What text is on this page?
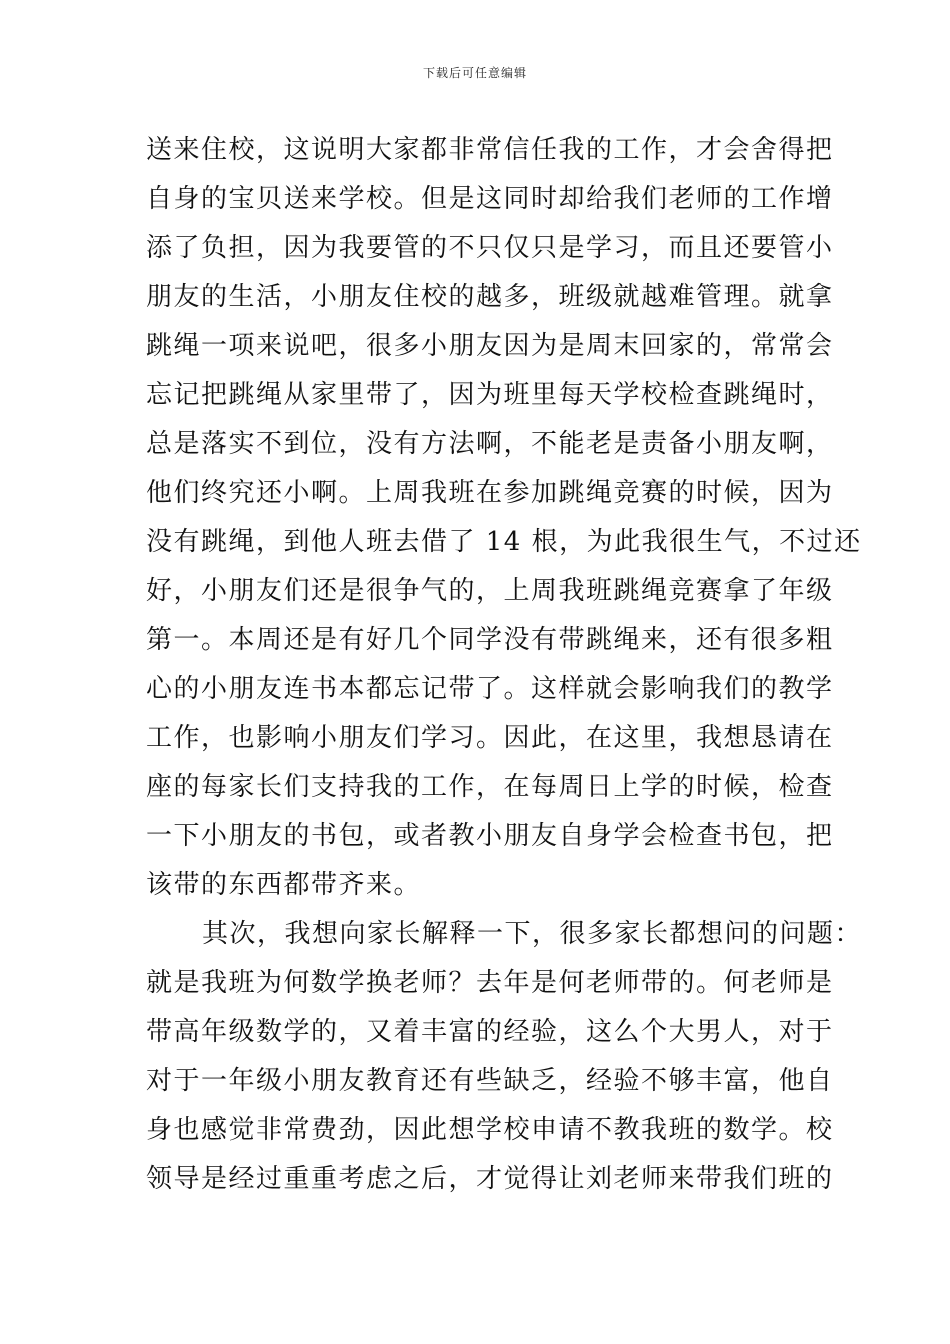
下载后可任意编辑
送来住校，这说明大家都非常信任我的工作，才会舍得把
自身的宝贝送来学校。但是这同时却给我们老师的工作增
添了负担，因为我要管的不只仅只是学习，而且还要管小
朋友的生活，小朋友住校的越多，班级就越难管理。就拿
跳绳一项来说吧，很多小朋友因为是周末回家的，常常会
忘记把跳绳从家里带了，因为班里每天学校检查跳绳时，
总是落实不到位，没有方法啊，不能老是责备小朋友啊，
他们终究还小啊。上周我班在参加跳绳竞赛的时候，因为
没有跳绳，到他人班去借了 14 根，为此我很生气，不过还
好，小朋友们还是很争气的，上周我班跳绳竞赛拿了年级
第一。本周还是有好几个同学没有带跳绳来，还有很多粗
心的小朋友连书本都忘记带了。这样就会影响我们的教学
工作，也影响小朋友们学习。因此，在这里，我想恳请在
座的每家长们支持我的工作，在每周日上学的时候，检查
一下小朋友的书包，或者教小朋友自身学会检查书包，把
该带的东西都带齐来。
其次，我想向家长解释一下，很多家长都想问的问题：
就是我班为何数学换老师？去年是何老师带的。何老师是
带高年级数学的，又着丰富的经验，这么个大男人，对于
对于一年级小朋友教育还有些缺乏，经验不够丰富，他自
身也感觉非常费劲，因此想学校申请不教我班的数学。校
领导是经过重重考虑之后，才觉得让刘老师来带我们班的
